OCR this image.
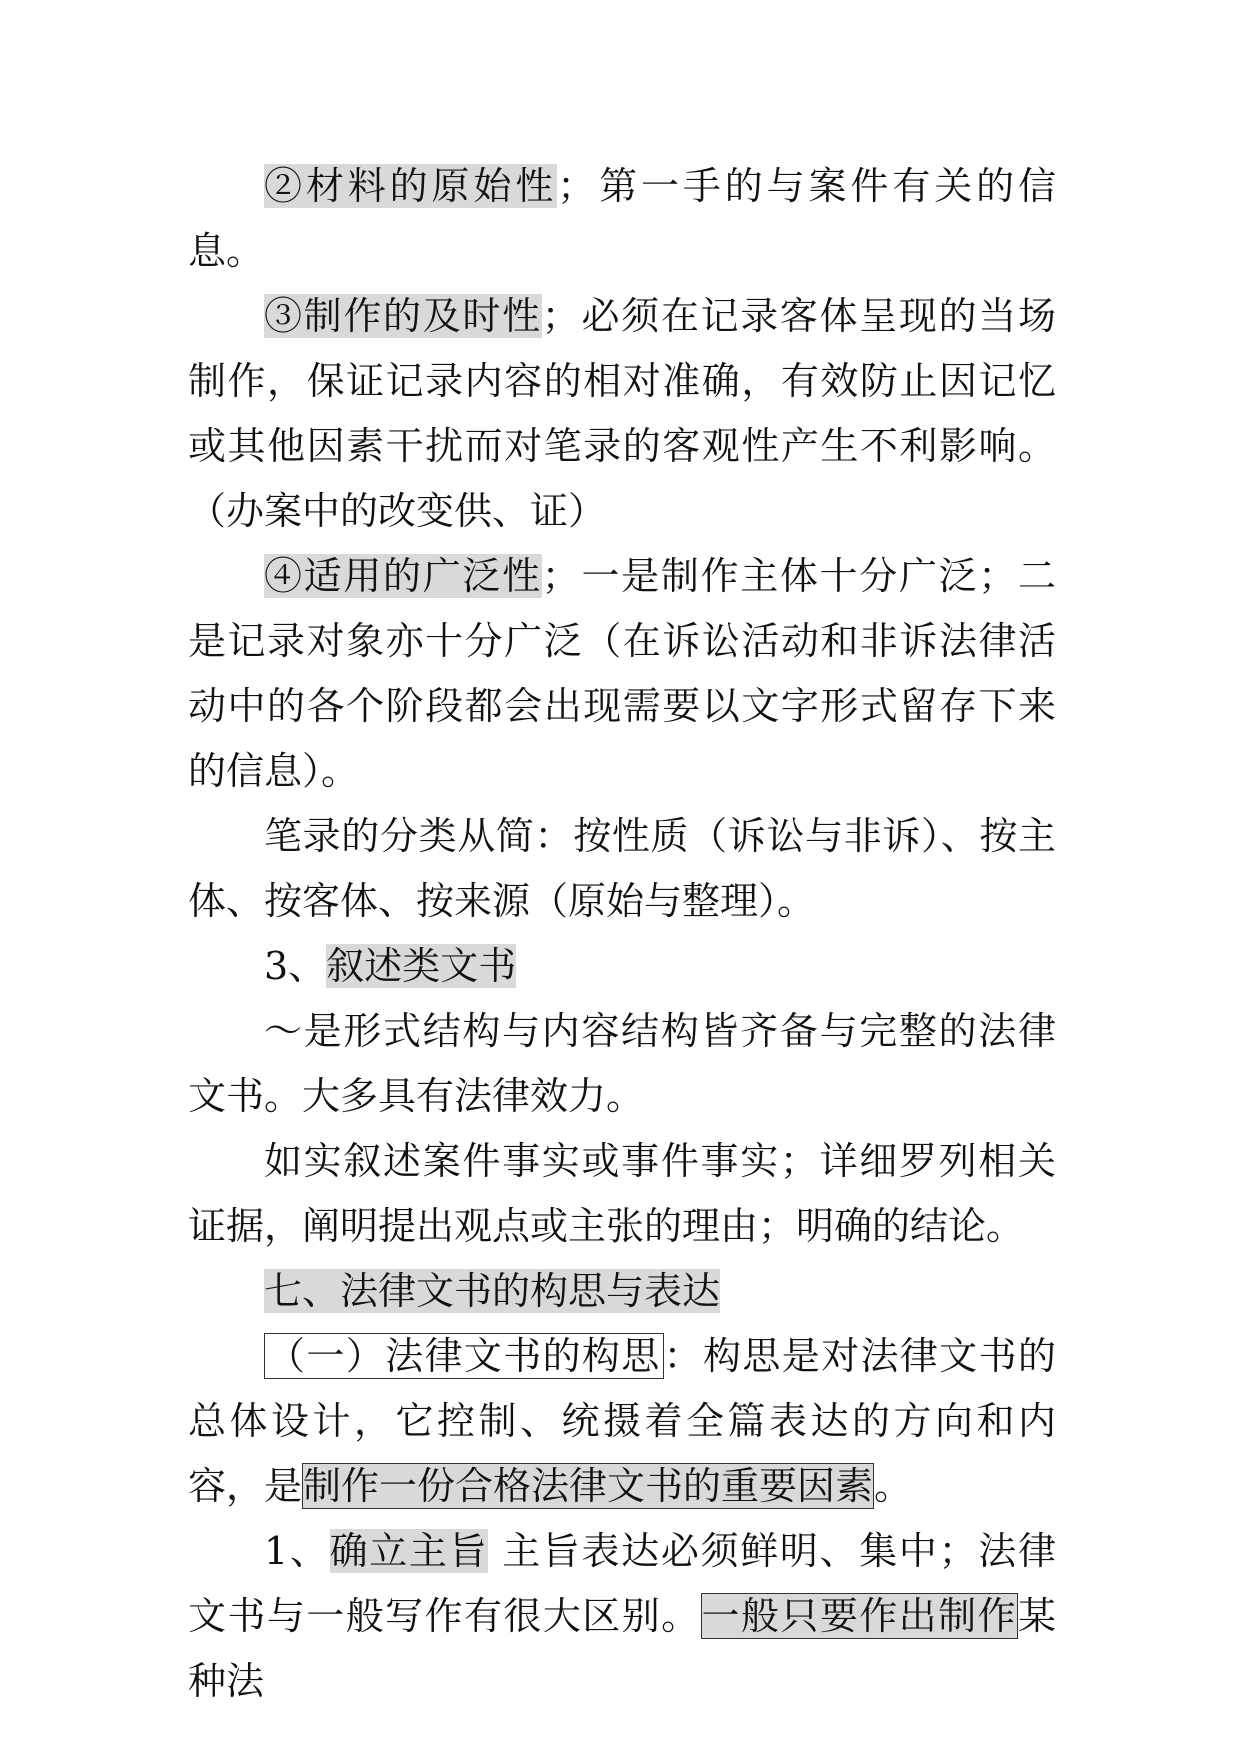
②材料的原始性；第一手的与案件有关的信息。

③制作的及时性；必须在记录客体呈现的当场制作，保证记录内容的相对准确，有效防止因记忆或其他因素干扰而对笔录的客观性产生不利影响。（办案中的改变供、证）

④适用的广泛性；一是制作主体十分广泛；二是记录对象亦十分广泛（在诉讼活动和非诉法律活动中的各个阶段都会出现需要以文字形式留存下来的信息）。

笔录的分类从简：按性质（诉讼与非诉）、按主体、按客体、按来源（原始与整理）。

3、叙述类文书

～是形式结构与内容结构皆齐备与完整的法律文书。大多具有法律效力。

如实叙述案件事实或事件事实；详细罗列相关证据，阐明提出观点或主张的理由；明确的结论。

七、法律文书的构思与表达

（一）法律文书的构思：构思是对法律文书的总体设计，它控制、统摄着全篇表达的方向和内容，是制作一份合格法律文书的重要因素。

1、确立主旨 主旨表达必须鲜明、集中；法律文书与一般写作有很大区别。一般只要作出制作某种法
